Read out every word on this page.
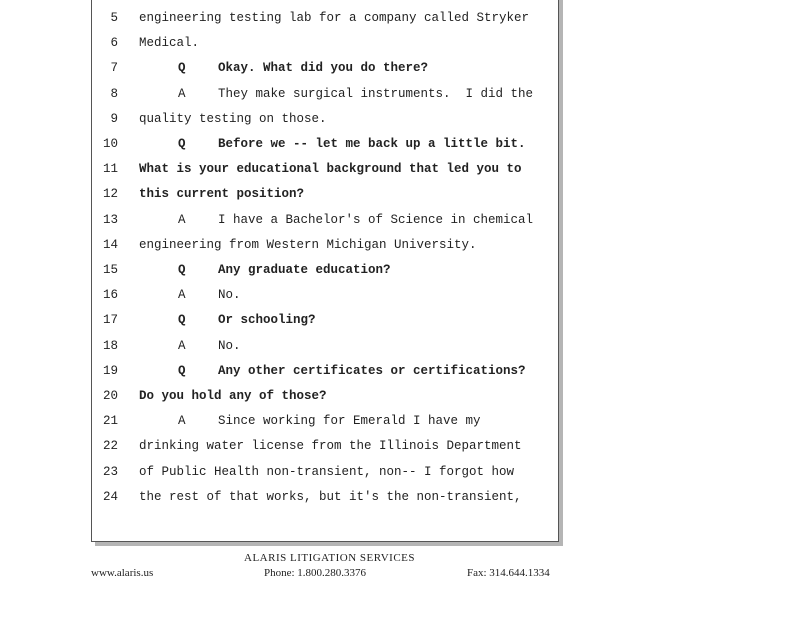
5 engineering testing lab for a company called Stryker
6 Medical.
7	Q	Okay. What did you do there?
8	A	They make surgical instruments.  I did the
9 quality testing on those.
10	Q	Before we -- let me back up a little bit.
11 What is your educational background that led you to
12 this current position?
13	A	I have a Bachelor's of Science in chemical
14 engineering from Western Michigan University.
15	Q	Any graduate education?
16	A	No.
17	Q	Or schooling?
18	A	No.
19	Q	Any other certificates or certifications?
20 Do you hold any of those?
21	A	Since working for Emerald I have my
22 drinking water license from the Illinois Department
23 of Public Health non-transient, non-- I forgot how
24 the rest of that works, but it's the non-transient,
ALARIS LITIGATION SERVICES
www.alaris.us	Phone: 1.800.280.3376	Fax: 314.644.1334
